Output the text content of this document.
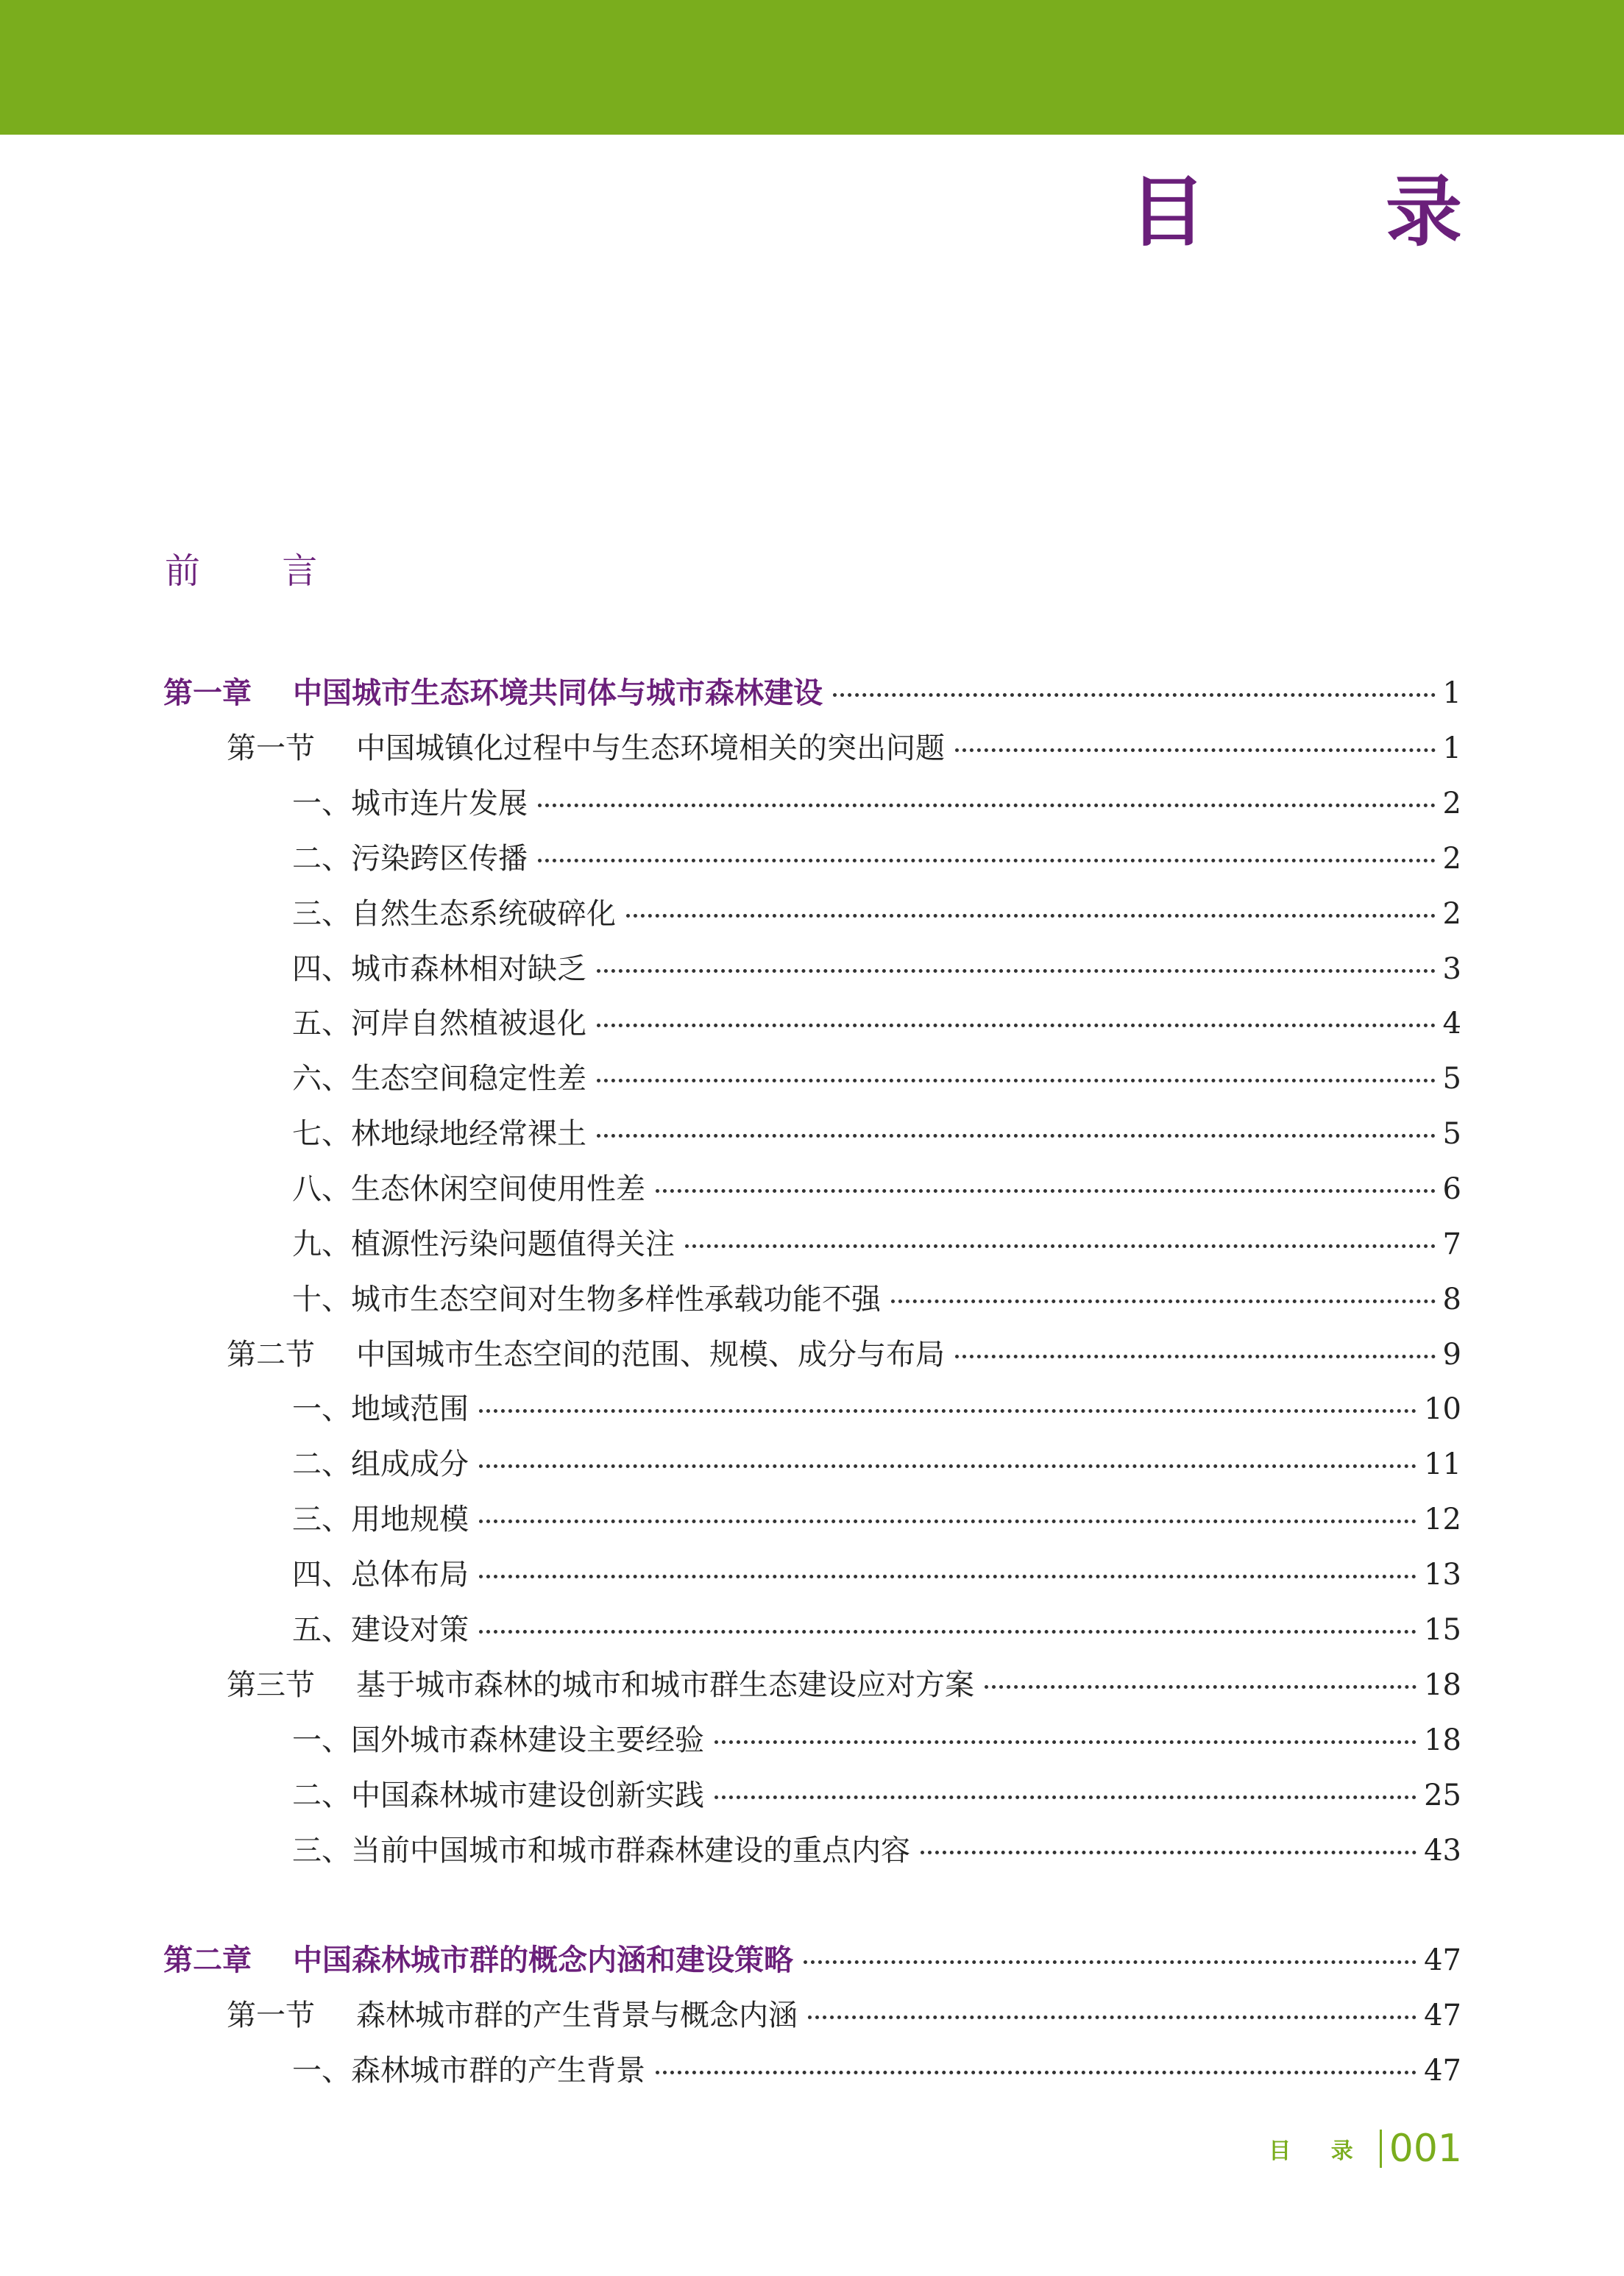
目 录
前 言
第一章 中国城市生态环境共同体与城市森林建设	1
第一节 中国城镇化过程中与生态环境相关的突出问题	1
一、城市连片发展	2
二、污染跨区传播	2
三、自然生态系统破碎化	2
四、城市森林相对缺乏	3
五、河岸自然植被退化	4
六、生态空间稳定性差	5
七、林地绿地经常裸土	5
八、生态休闲空间使用性差	6
九、植源性污染问题值得关注	7
十、城市生态空间对生物多样性承载功能不强	8
第二节 中国城市生态空间的范围、规模、成分与布局	9
一、地域范围	10
二、组成成分	11
三、用地规模	12
四、总体布局	13
五、建设对策	15
第三节 基于城市森林的城市和城市群生态建设应对方案	18
一、国外城市森林建设主要经验	18
二、中国森林城市建设创新实践	25
三、当前中国城市和城市群森林建设的重点内容	43
第二章 中国森林城市群的概念内涵和建设策略	47
第一节 森林城市群的产生背景与概念内涵	47
一、森林城市群的产生背景	47
目 录 001
